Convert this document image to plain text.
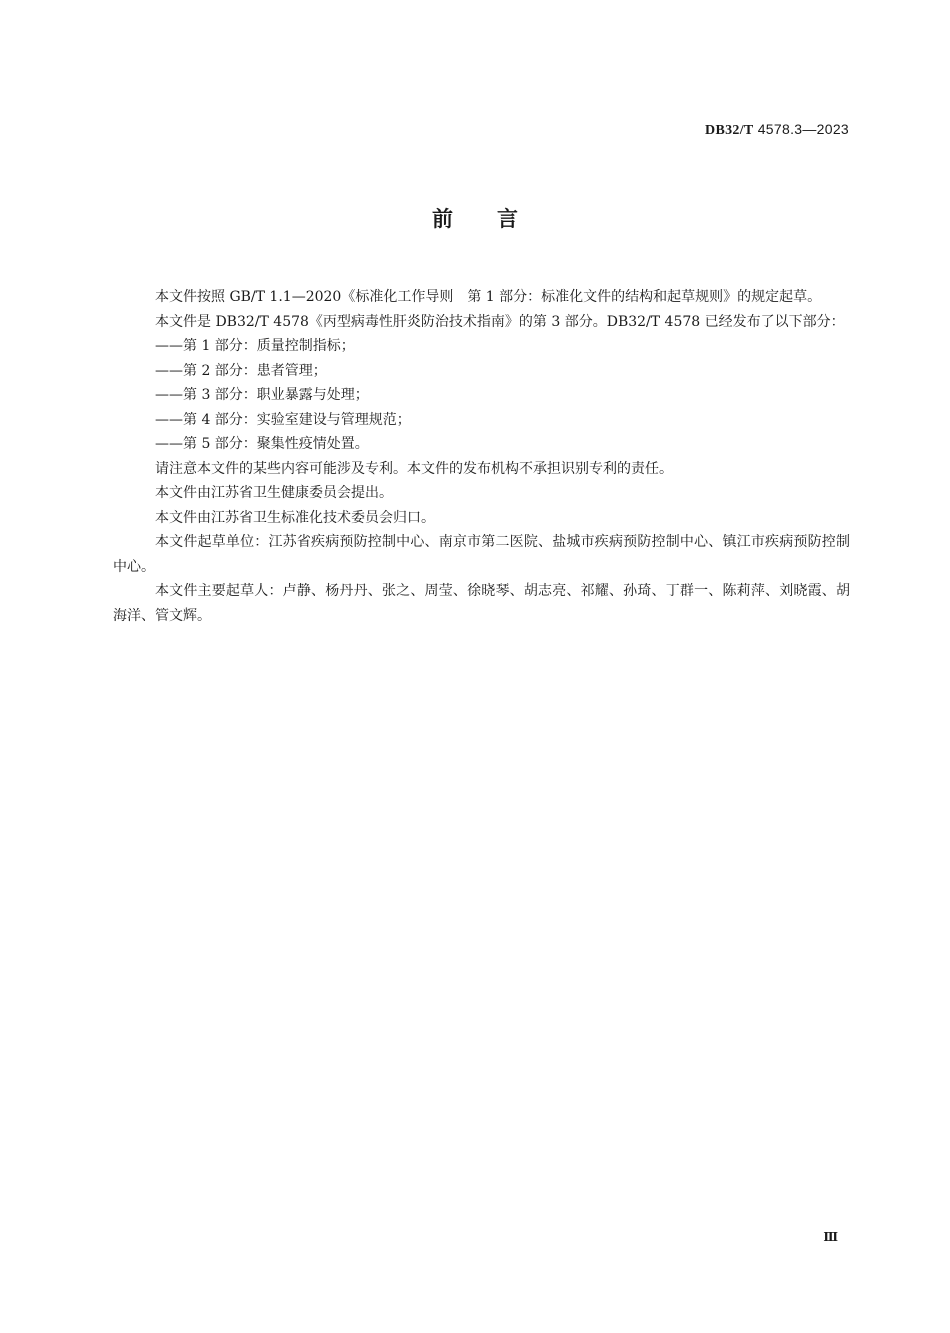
DB32/T 4578.3—2023
前言

本文件按照 GB/T 1.1—2020《标准化工作导则　第 1 部分：标准化文件的结构和起草规则》的规定起草。

本文件是 DB32/T 4578《丙型病毒性肝炎防治技术指南》的第 3 部分。DB32/T 4578 已经发布了以下部分：

——第 1 部分：质量控制指标；

——第 2 部分：患者管理；

——第 3 部分：职业暴露与处理；

——第 4 部分：实验室建设与管理规范；

——第 5 部分：聚集性疫情处置。

请注意本文件的某些内容可能涉及专利。本文件的发布机构不承担识别专利的责任。

本文件由江苏省卫生健康委员会提出。

本文件由江苏省卫生标准化技术委员会归口。

本文件起草单位：江苏省疾病预防控制中心、南京市第二医院、盐城市疾病预防控制中心、镇江市疾病预防控制中心。

本文件主要起草人：卢静、杨丹丹、张之、周莹、徐晓琴、胡志亮、祁耀、孙琦、丁群一、陈莉萍、刘晓霞、胡海洋、管文辉。

Ⅲ
